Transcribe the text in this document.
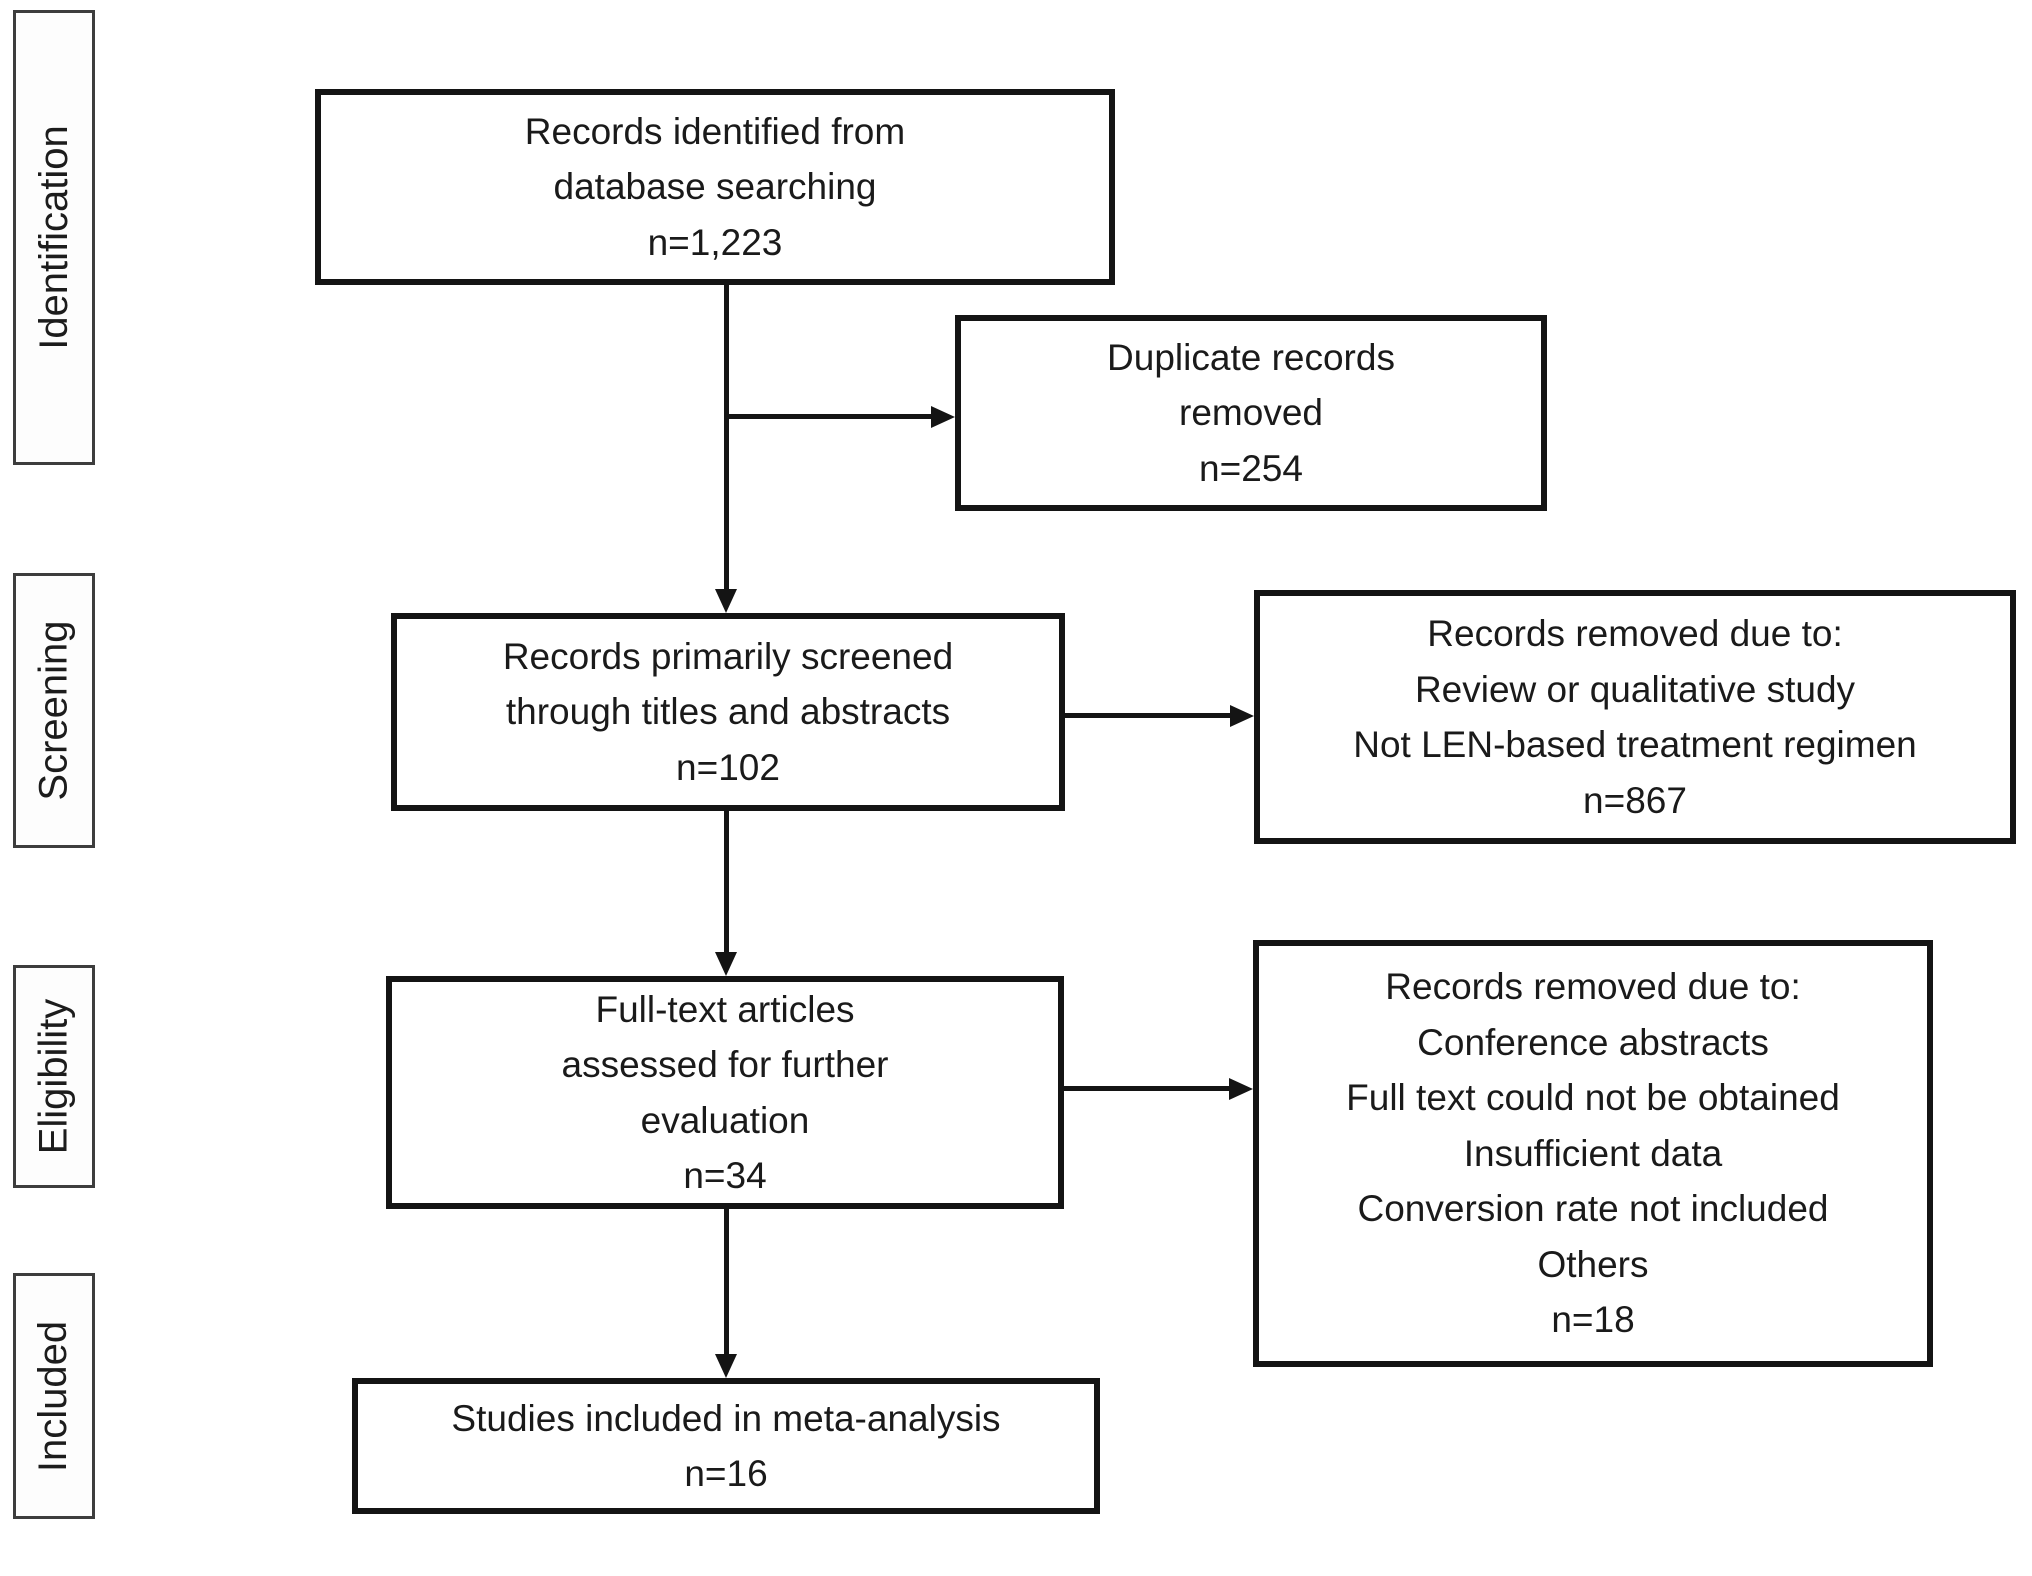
Identification
Screening
Eligibility
Included
Records identified from
database searching
n=1,223
Duplicate records
removed
n=254
Records primarily screened
through titles and abstracts
n=102
Records removed due to:
Review or qualitative study
Not LEN-based treatment regimen
n=867
Full-text articles
assessed for further
evaluation
n=34
Records removed due to:
Conference abstracts
Full text could not be obtained
Insufficient data
Conversion rate not included
Others
n=18
Studies included in meta-analysis
n=16
